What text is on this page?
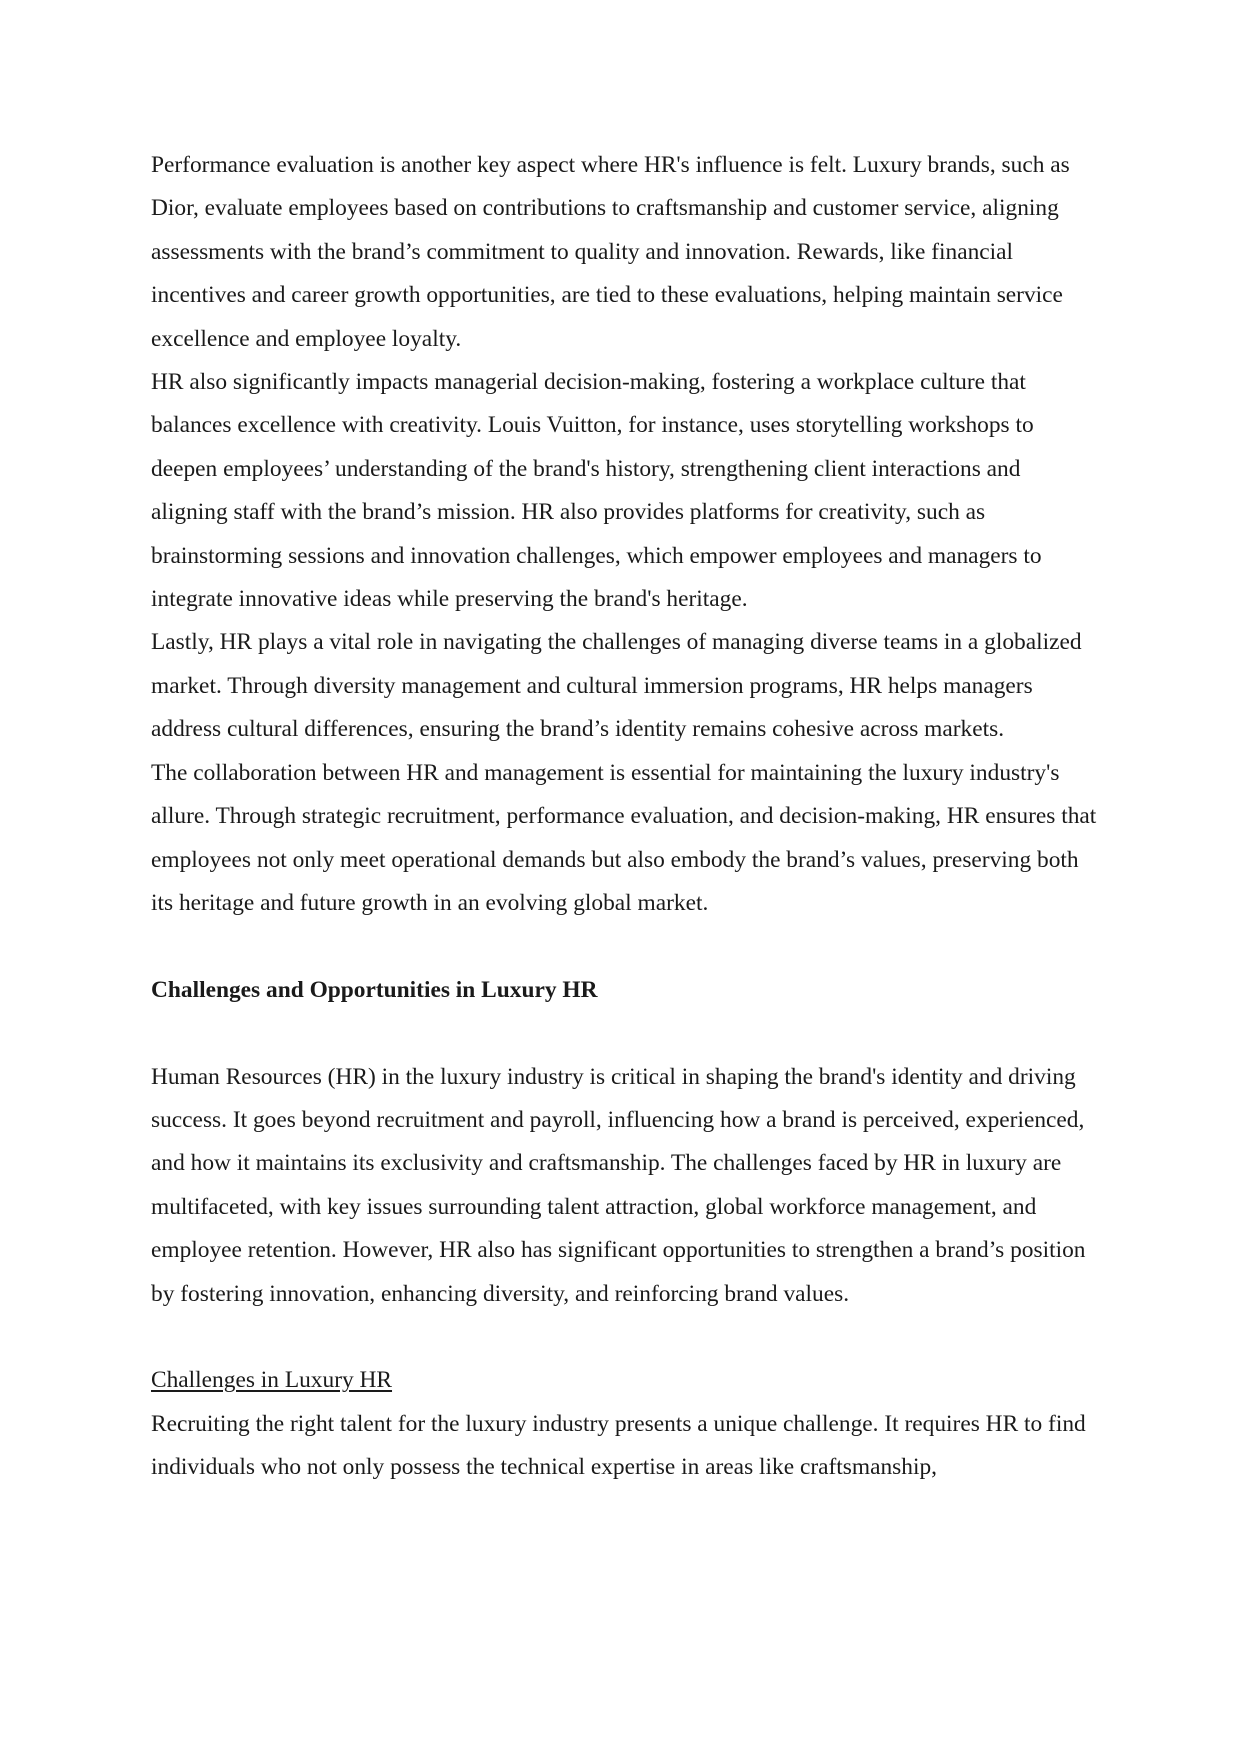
Performance evaluation is another key aspect where HR's influence is felt. Luxury brands, such as Dior, evaluate employees based on contributions to craftsmanship and customer service, aligning assessments with the brand’s commitment to quality and innovation. Rewards, like financial incentives and career growth opportunities, are tied to these evaluations, helping maintain service excellence and employee loyalty.

HR also significantly impacts managerial decision-making, fostering a workplace culture that balances excellence with creativity. Louis Vuitton, for instance, uses storytelling workshops to deepen employees’ understanding of the brand's history, strengthening client interactions and aligning staff with the brand’s mission. HR also provides platforms for creativity, such as brainstorming sessions and innovation challenges, which empower employees and managers to integrate innovative ideas while preserving the brand's heritage.

Lastly, HR plays a vital role in navigating the challenges of managing diverse teams in a globalized market. Through diversity management and cultural immersion programs, HR helps managers address cultural differences, ensuring the brand’s identity remains cohesive across markets.

The collaboration between HR and management is essential for maintaining the luxury industry's allure. Through strategic recruitment, performance evaluation, and decision-making, HR ensures that employees not only meet operational demands but also embody the brand’s values, preserving both its heritage and future growth in an evolving global market.

Challenges and Opportunities in Luxury HR

Human Resources (HR) in the luxury industry is critical in shaping the brand's identity and driving success. It goes beyond recruitment and payroll, influencing how a brand is perceived, experienced, and how it maintains its exclusivity and craftsmanship. The challenges faced by HR in luxury are multifaceted, with key issues surrounding talent attraction, global workforce management, and employee retention. However, HR also has significant opportunities to strengthen a brand’s position by fostering innovation, enhancing diversity, and reinforcing brand values.

Challenges in Luxury HR

Recruiting the right talent for the luxury industry presents a unique challenge. It requires HR to find individuals who not only possess the technical expertise in areas like craftsmanship,
